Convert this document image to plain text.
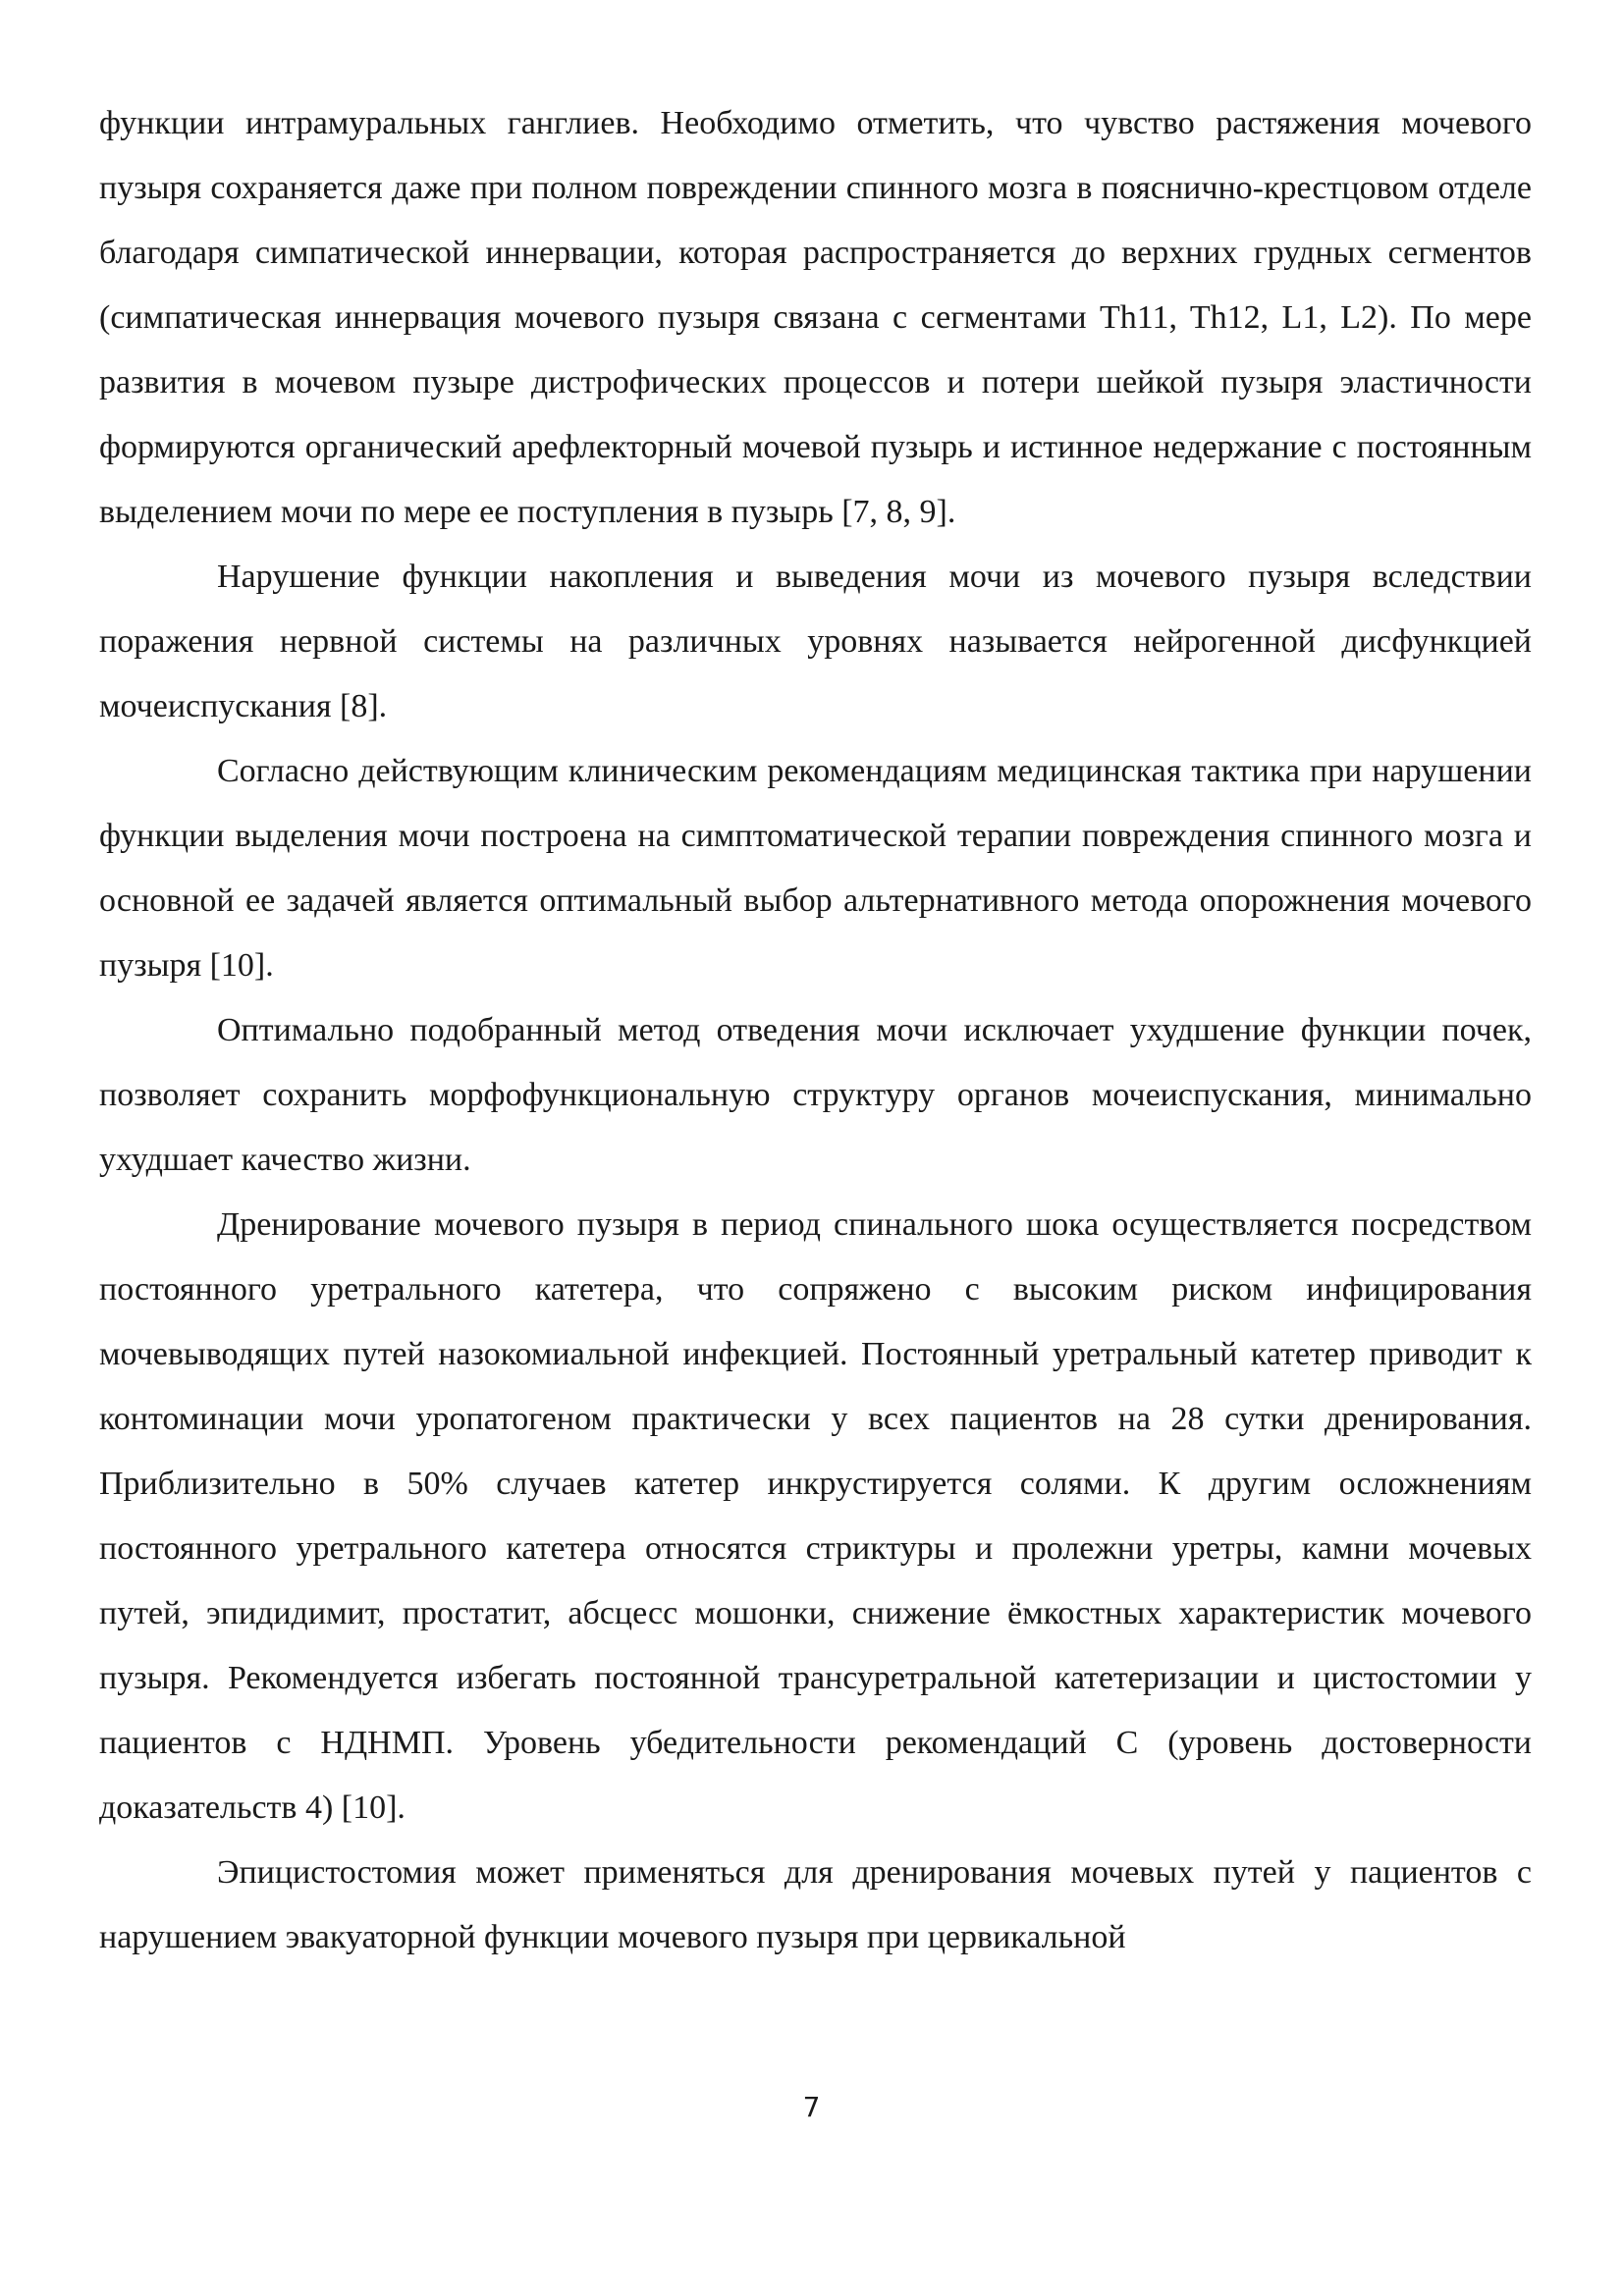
функции интрамуральных ганглиев. Необходимо отметить, что чувство растяжения мочевого пузыря сохраняется даже при полном повреждении спинного мозга в пояснично-крестцовом отделе благодаря симпатической иннервации, которая распространяется до верхних грудных сегментов (симпатическая иннервация мочевого пузыря связана с сегментами Th11, Th12, L1, L2). По мере развития в мочевом пузыре дистрофических процессов и потери шейкой пузыря эластичности формируются органический арефлекторный мочевой пузырь и истинное недержание с постоянным выделением мочи по мере ее поступления в пузырь [7, 8, 9].

Нарушение функции накопления и выведения мочи из мочевого пузыря вследствии поражения нервной системы на различных уровнях называется нейрогенной дисфункцией мочеиспускания [8].

Согласно действующим клиническим рекомендациям медицинская тактика при нарушении функции выделения мочи построена на симптоматической терапии повреждения спинного мозга и основной ее задачей является оптимальный выбор альтернативного метода опорожнения мочевого пузыря [10].

Оптимально подобранный метод отведения мочи исключает ухудшение функции почек, позволяет сохранить морфофункциональную структуру органов мочеиспускания, минимально ухудшает качество жизни.

Дренирование мочевого пузыря в период спинального шока осуществляется посредством постоянного уретрального катетера, что сопряжено с высоким риском инфицирования мочевыводящих путей назокомиальной инфекцией. Постоянный уретральный катетер приводит к контоминации мочи уропатогеном практически у всех пациентов на 28 сутки дренирования. Приблизительно в 50% случаев катетер инкрустируется солями. К другим осложнениям постоянного уретрального катетера относятся стриктуры и пролежни уретры, камни мочевых путей, эпидидимит, простатит, абсцесс мошонки, снижение ёмкостных характеристик мочевого пузыря. Рекомендуется избегать постоянной трансуретральной катетеризации и цистостомии у пациентов с НДНМП. Уровень убедительности рекомендаций С (уровень достоверности доказательств 4) [10].

Эпицистостомия может применяться для дренирования мочевых путей у пациентов с нарушением эвакуаторной функции мочевого пузыря при цервикальной

7
